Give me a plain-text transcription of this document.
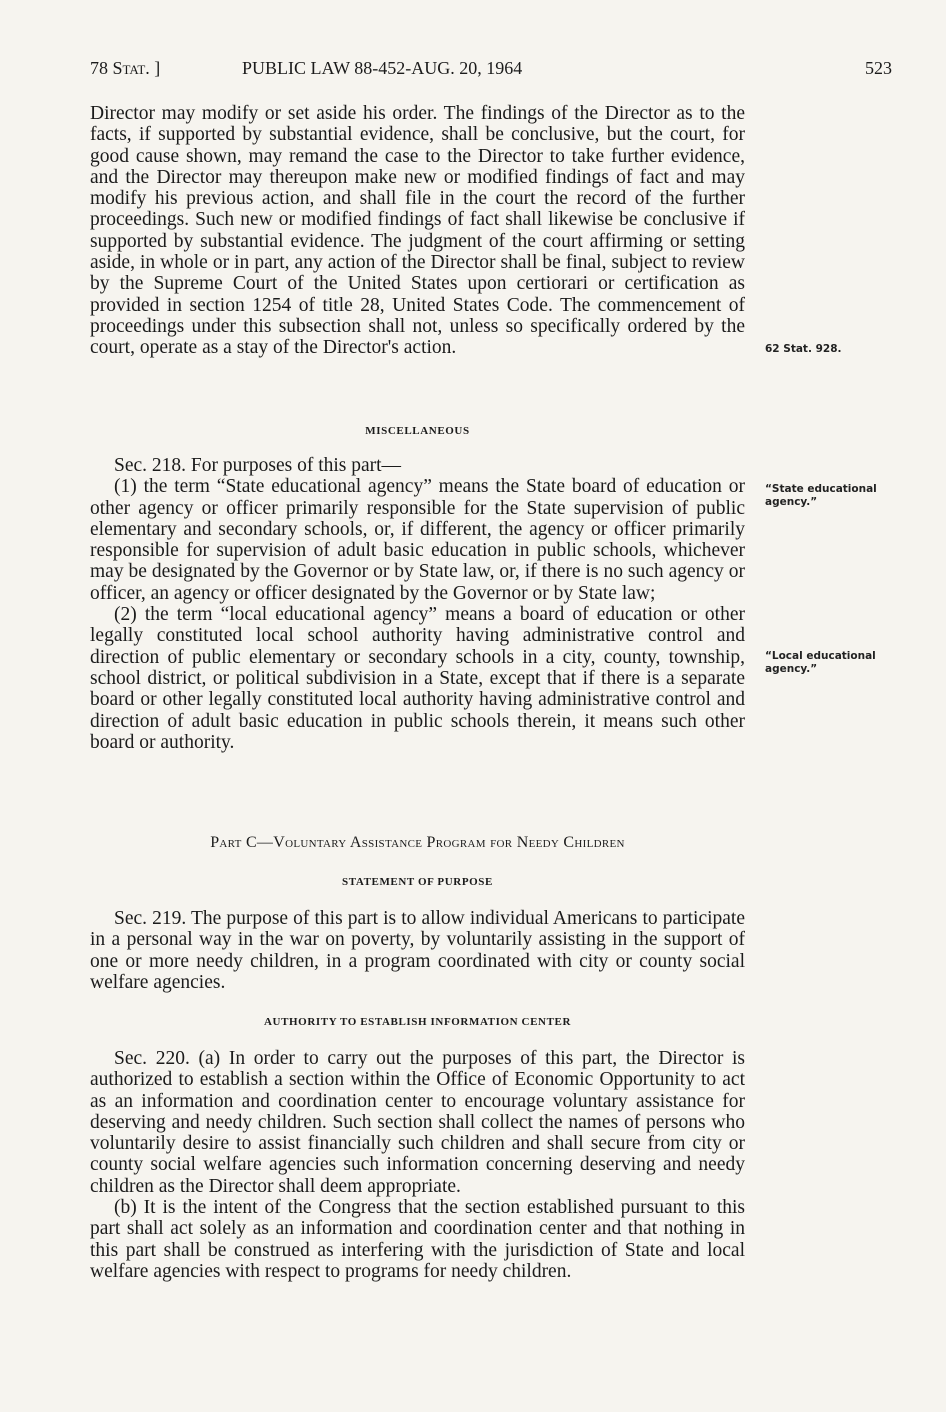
78 Stat. ]	PUBLIC LAW 88-452-AUG. 20, 1964	523

Director may modify or set aside his order. The findings of the Director as to the facts, if supported by substantial evidence, shall be conclusive, but the court, for good cause shown, may remand the case to the Director to take further evidence, and the Director may thereupon make new or modified findings of fact and may modify his previous action, and shall file in the court the record of the further proceedings. Such new or modified findings of fact shall likewise be conclusive if supported by substantial evidence. The judgment of the court affirming or setting aside, in whole or in part, any action of the Director shall be final, subject to review by the Supreme Court of the United States upon certiorari or certification as provided in section 1254 of title 28, United States Code. The commencement of proceedings under this subsection shall not, unless so specifically ordered by the court, operate as a stay of the Director's action.	62 Stat. 928.
MISCELLANEOUS

Sec. 218. For purposes of this part—

(1) the term “State educational agency” means the State board of education or other agency or officer primarily responsible for the State supervision of public elementary and secondary schools, or, if different, the agency or officer primarily responsible for supervision of adult basic education in public schools, whichever may be designated by the Governor or by State law, or, if there is no such agency or officer, an agency or officer designated by the Governor or by State law;

(2) the term “local educational agency” means a board of education or other legally constituted local school authority having administrative control and direction of public elementary or secondary schools in a city, county, township, school district, or political subdivision in a State, except that if there is a separate board or other legally constituted local authority having administrative control and direction of adult basic education in public schools therein, it means such other board or authority.

“State educational agency.”
“Local educational agency.”
Part C—Voluntary Assistance Program for Needy Children
STATEMENT OF PURPOSE

Sec. 219. The purpose of this part is to allow individual Americans to participate in a personal way in the war on poverty, by voluntarily assisting in the support of one or more needy children, in a program coordinated with city or county social welfare agencies.

AUTHORITY TO ESTABLISH INFORMATION CENTER

Sec. 220. (a) In order to carry out the purposes of this part, the Director is authorized to establish a section within the Office of Economic Opportunity to act as an information and coordination center to encourage voluntary assistance for deserving and needy children. Such section shall collect the names of persons who voluntarily desire to assist financially such children and shall secure from city or county social welfare agencies such information concerning deserving and needy children as the Director shall deem appropriate.

(b) It is the intent of the Congress that the section established pursuant to this part shall act solely as an information and coordination center and that nothing in this part shall be construed as interfering with the jurisdiction of State and local welfare agencies with respect to programs for needy children.
